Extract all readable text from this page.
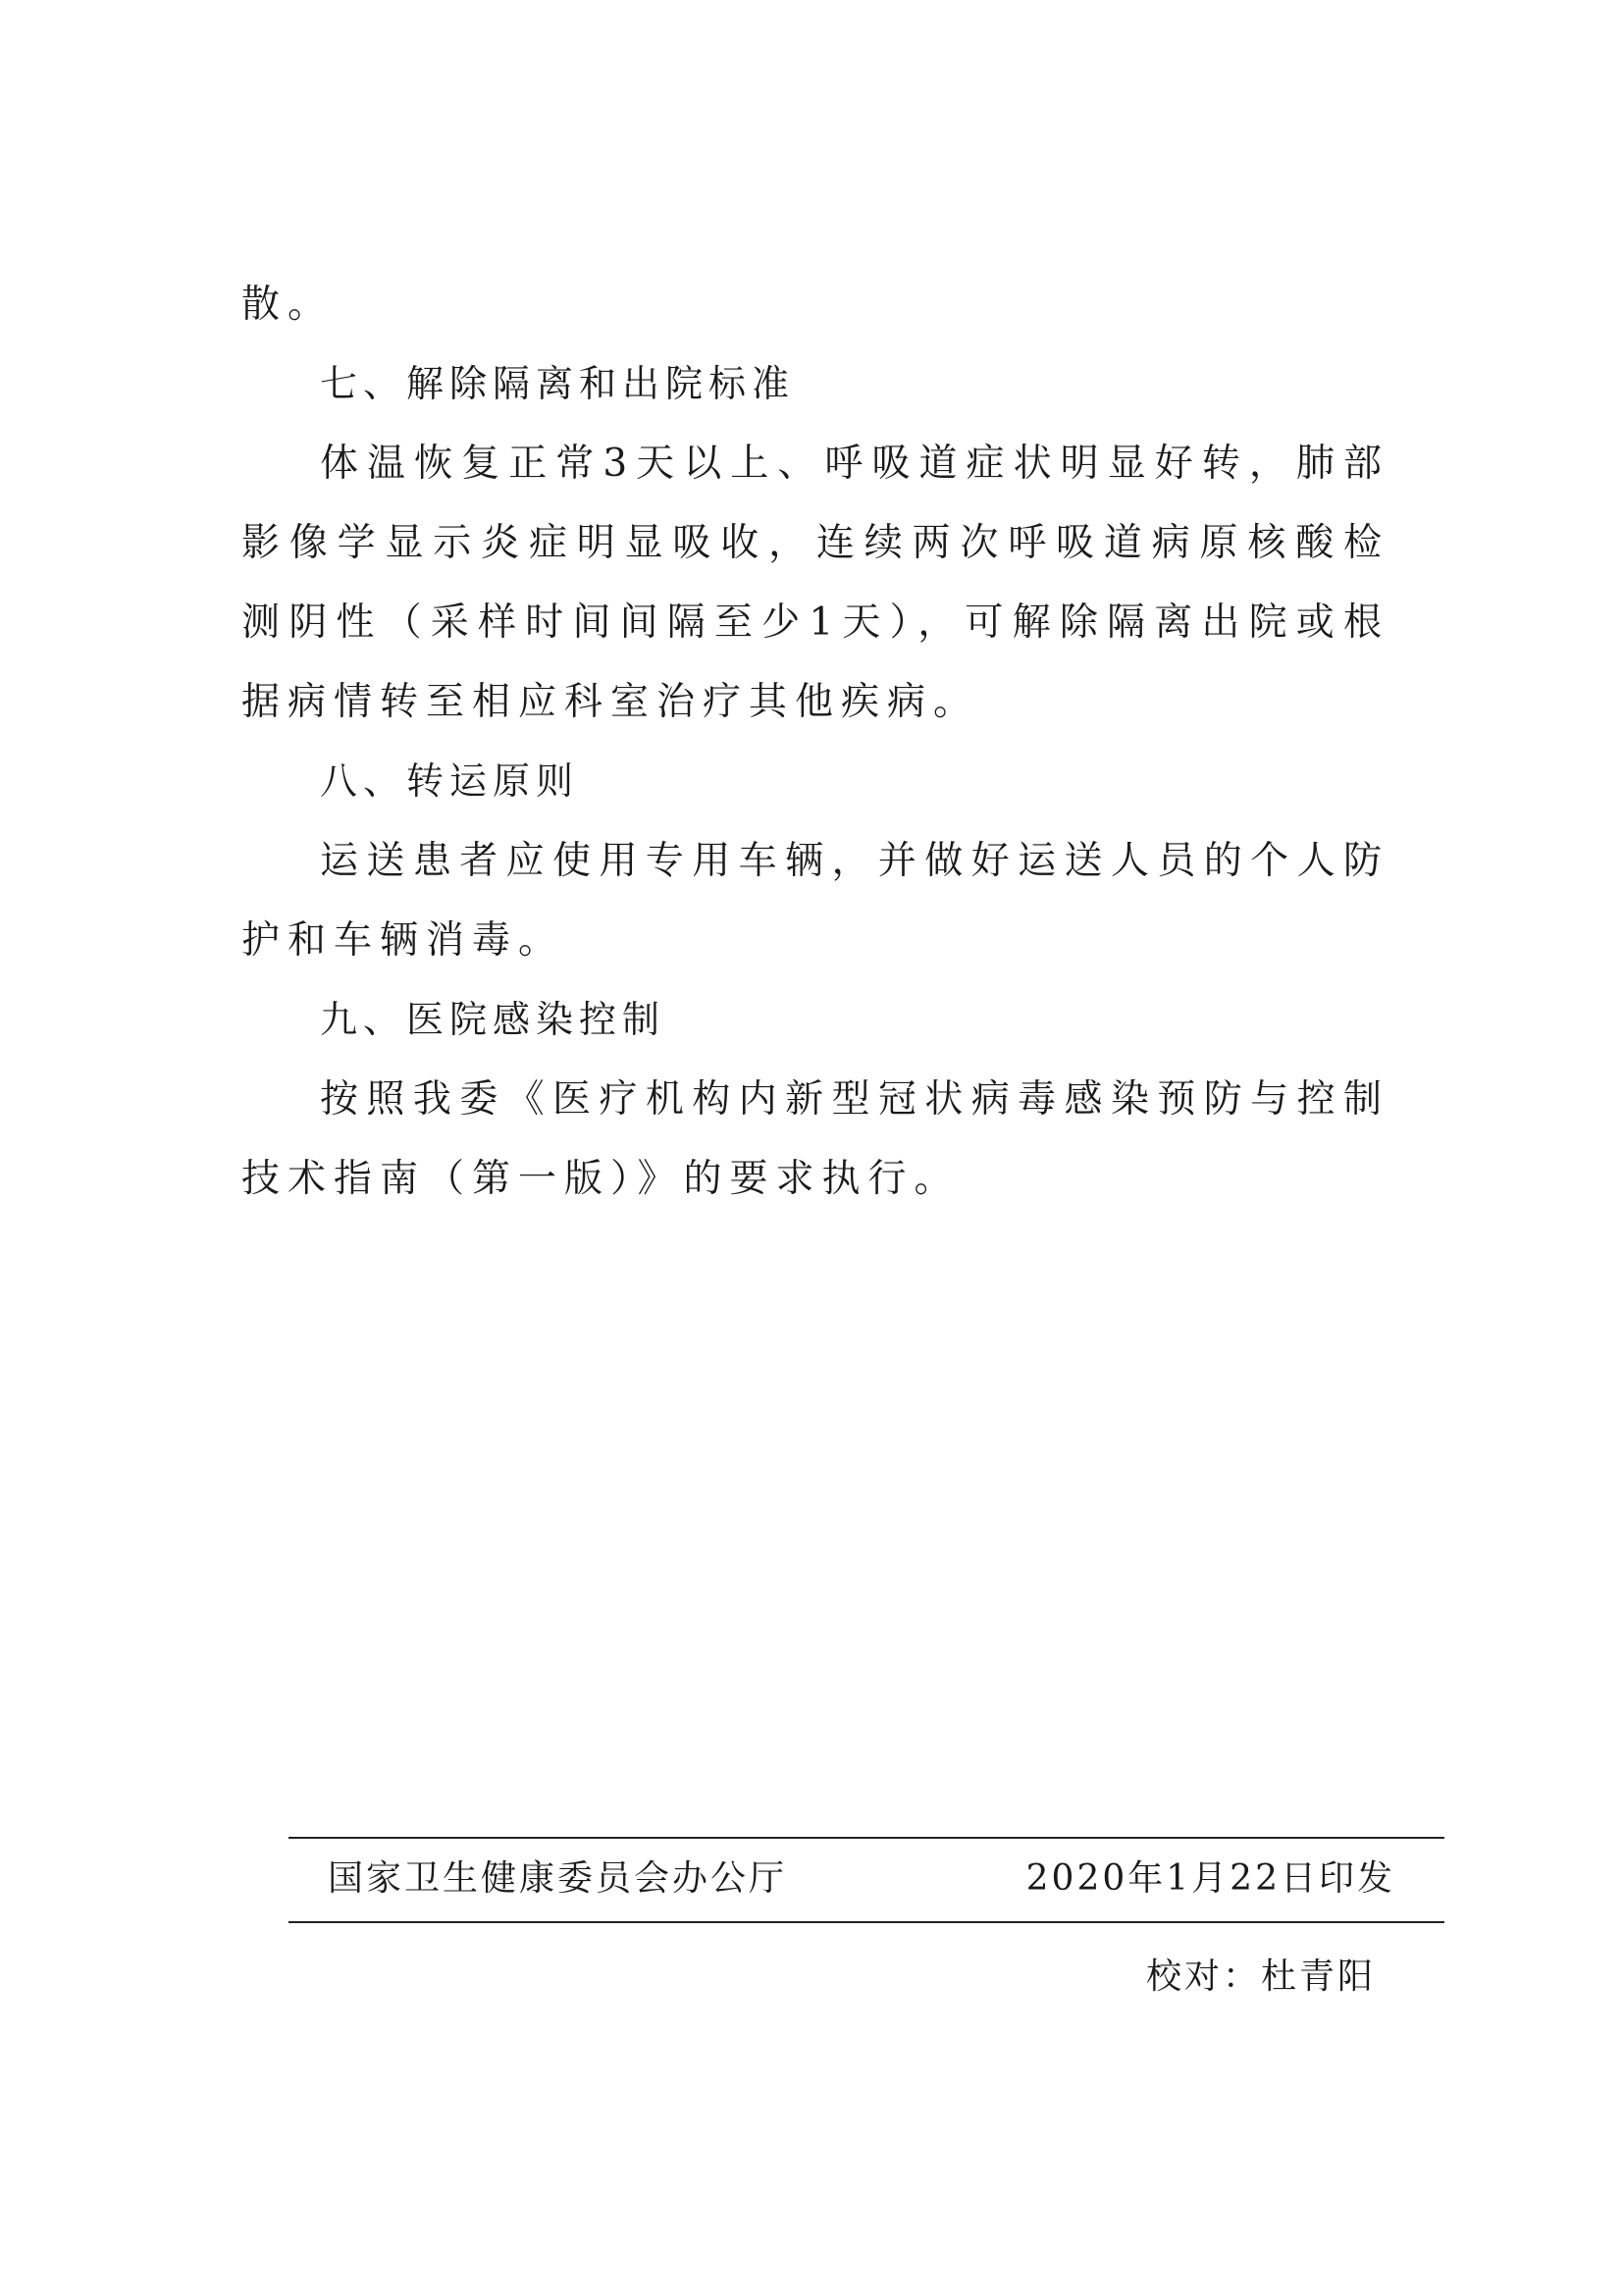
散。

七、解除隔离和出院标准

体温恢复正常3天以上、呼吸道症状明显好转，肺部影像学显示炎症明显吸收，连续两次呼吸道病原核酸检测阴性（采样时间间隔至少1天），可解除隔离出院或根据病情转至相应科室治疗其他疾病。

八、转运原则

运送患者应使用专用车辆，并做好运送人员的个人防护和车辆消毒。

九、医院感染控制

按照我委《医疗机构内新型冠状病毒感染预防与控制技术指南（第一版）》的要求执行。

国家卫生健康委员会办公厅	2020年1月22日印发
校对：杜青阳
